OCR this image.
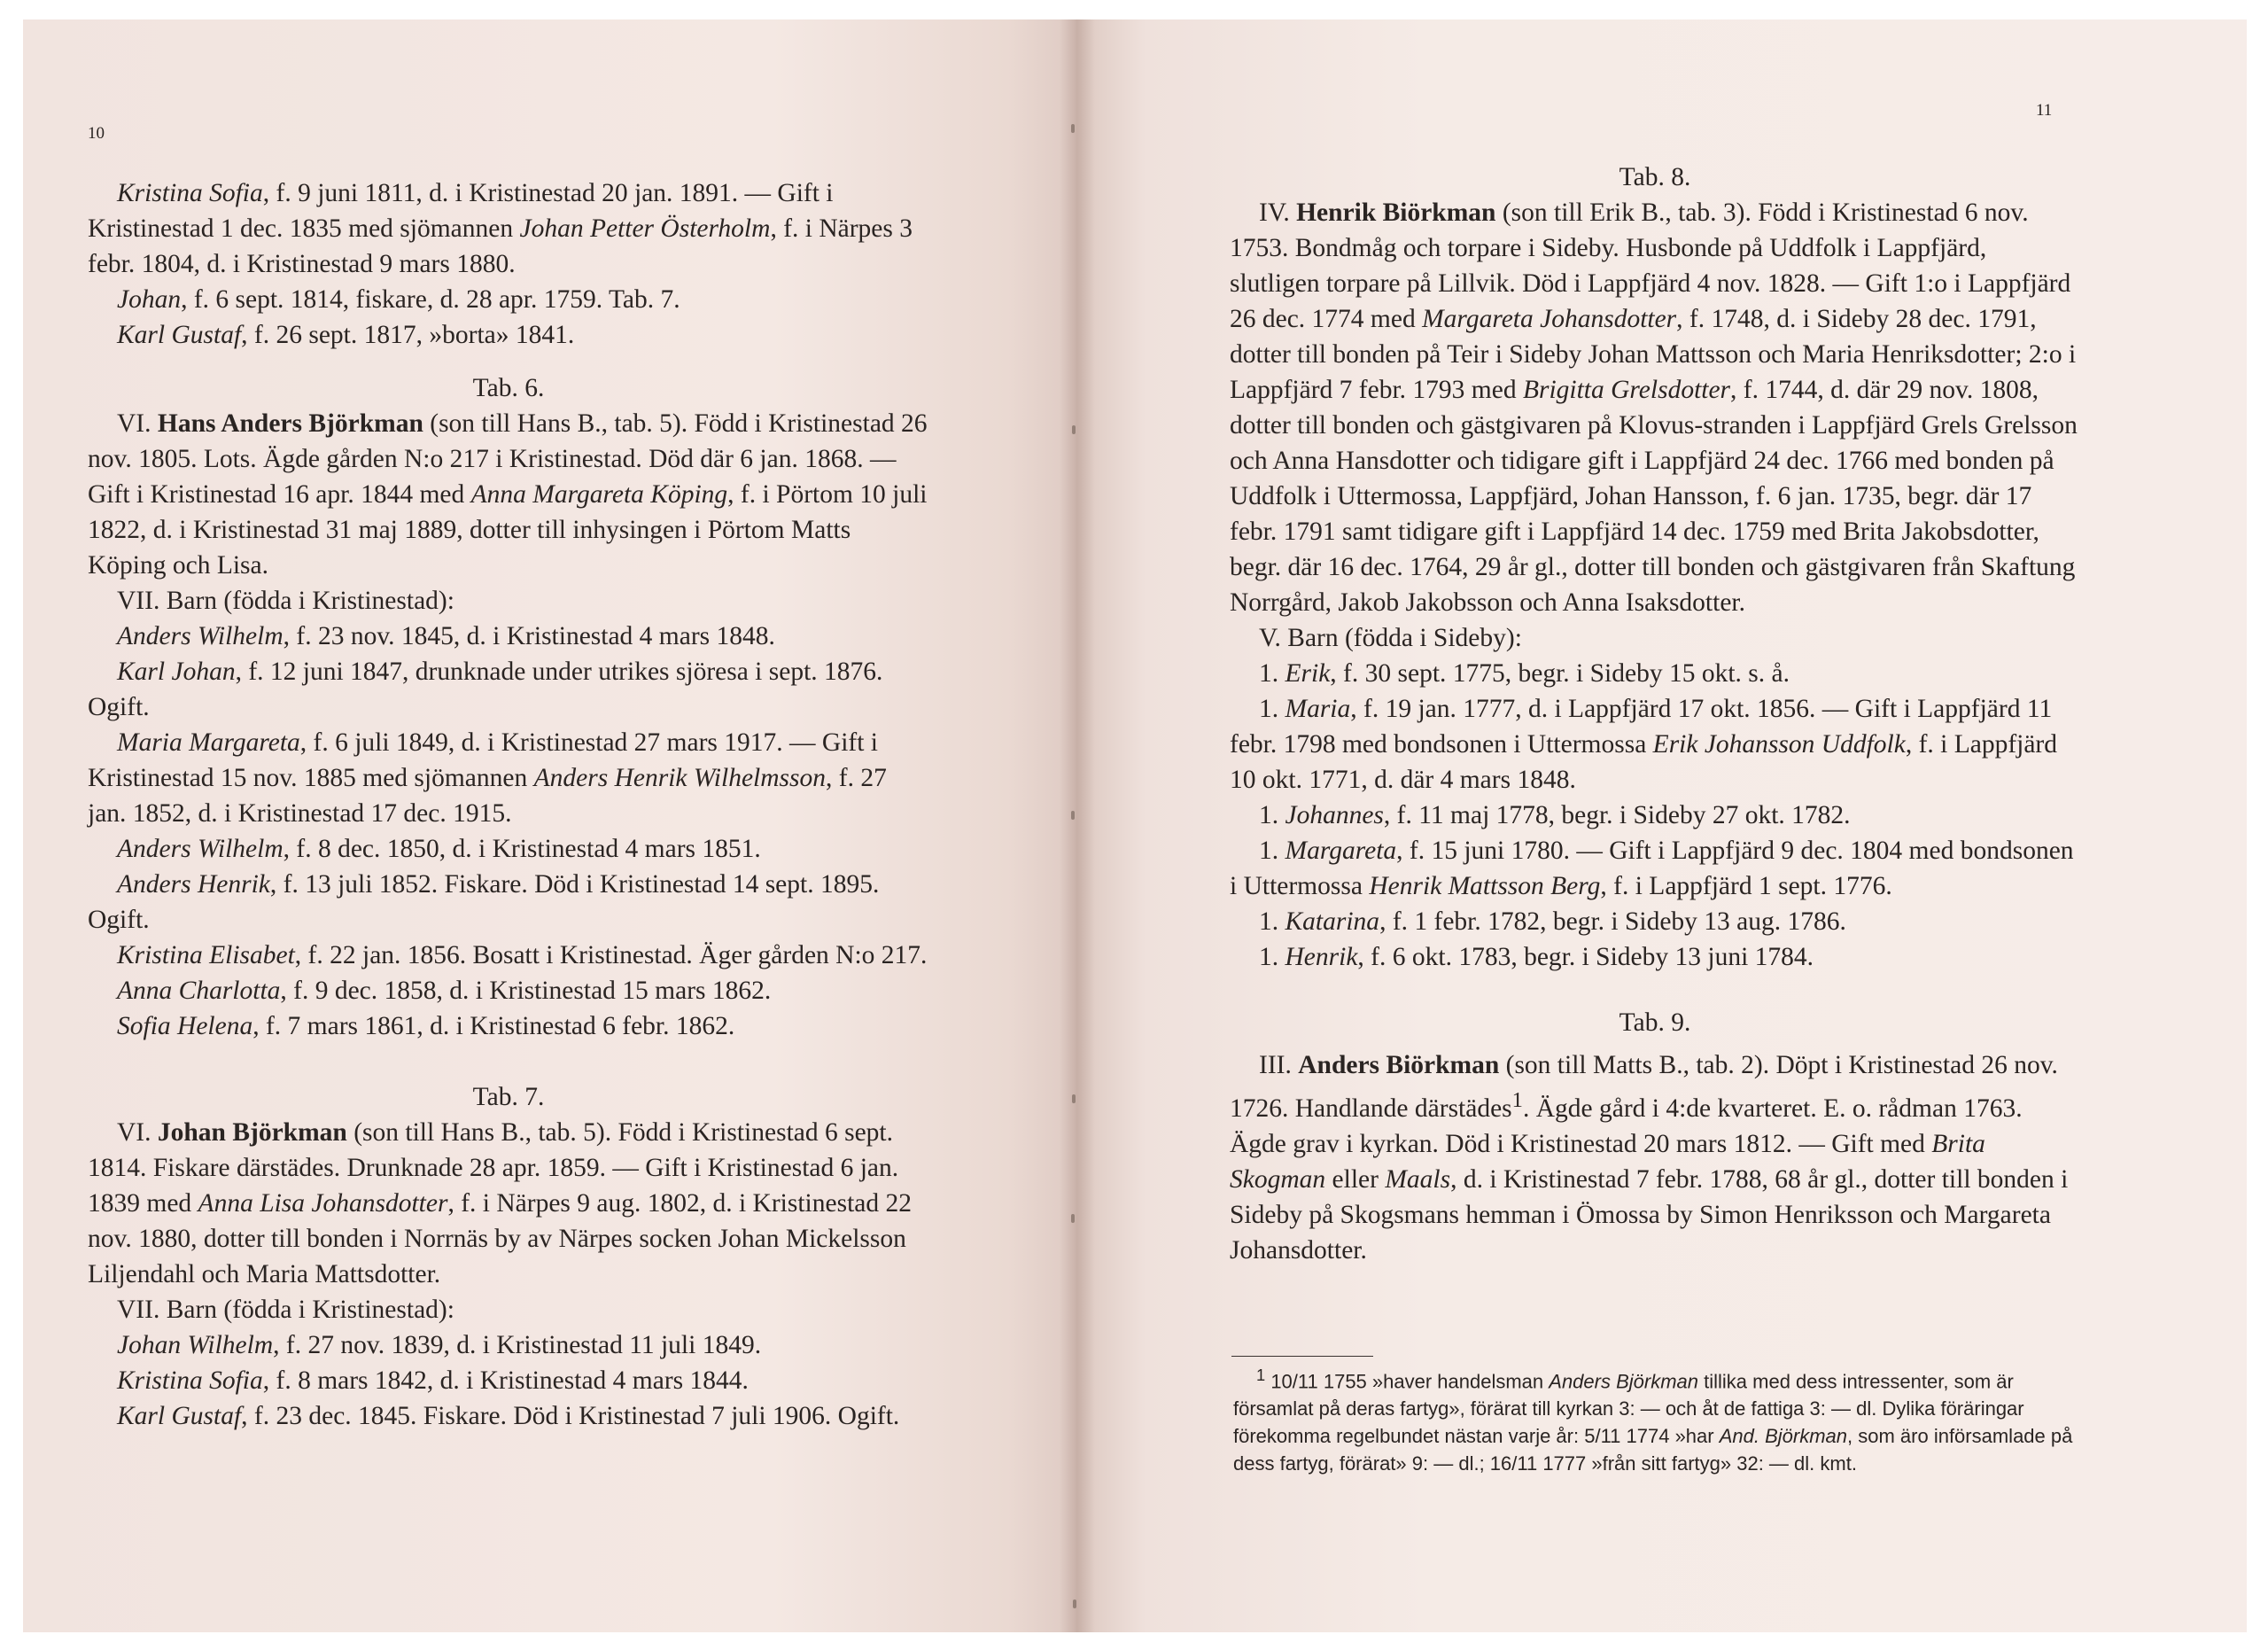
10

Kristina Sofia, f. 9 juni 1811, d. i Kristinestad 20 jan. 1891. — Gift i Kristinestad 1 dec. 1835 med sjömannen Johan Petter Österholm, f. i Närpes 3 febr. 1804, d. i Kristinestad 9 mars 1880.

Johan, f. 6 sept. 1814, fiskare, d. 28 apr. 1759. Tab. 7.

Karl Gustaf, f. 26 sept. 1817, »borta» 1841.

Tab. 6.

VI. Hans Anders Björkman (son till Hans B., tab. 5). Född i Kristinestad 26 nov. 1805. Lots. Ägde gården N:o 217 i Kristinestad. Död där 6 jan. 1868. — Gift i Kristinestad 16 apr. 1844 med Anna Margareta Köping, f. i Pörtom 10 juli 1822, d. i Kristinestad 31 maj 1889, dotter till inhysingen i Pörtom Matts Köping och Lisa.

VII. Barn (födda i Kristinestad):

Anders Wilhelm, f. 23 nov. 1845, d. i Kristinestad 4 mars 1848.

Karl Johan, f. 12 juni 1847, drunknade under utrikes sjöresa i sept. 1876. Ogift.

Maria Margareta, f. 6 juli 1849, d. i Kristinestad 27 mars 1917. — Gift i Kristinestad 15 nov. 1885 med sjömannen Anders Henrik Wilhelmsson, f. 27 jan. 1852, d. i Kristinestad 17 dec. 1915.

Anders Wilhelm, f. 8 dec. 1850, d. i Kristinestad 4 mars 1851.

Anders Henrik, f. 13 juli 1852. Fiskare. Död i Kristinestad 14 sept. 1895. Ogift.

Kristina Elisabet, f. 22 jan. 1856. Bosatt i Kristinestad. Äger gården N:o 217.

Anna Charlotta, f. 9 dec. 1858, d. i Kristinestad 15 mars 1862.

Sofia Helena, f. 7 mars 1861, d. i Kristinestad 6 febr. 1862.

Tab. 7.

VI. Johan Björkman (son till Hans B., tab. 5). Född i Kristinestad 6 sept. 1814. Fiskare därstädes. Drunknade 28 apr. 1859. — Gift i Kristinestad 6 jan. 1839 med Anna Lisa Johansdotter, f. i Närpes 9 aug. 1802, d. i Kristinestad 22 nov. 1880, dotter till bonden i Norrnäs by av Närpes socken Johan Mickelsson Liljendahl och Maria Mattsdotter.

VII. Barn (födda i Kristinestad):

Johan Wilhelm, f. 27 nov. 1839, d. i Kristinestad 11 juli 1849.

Kristina Sofia, f. 8 mars 1842, d. i Kristinestad 4 mars 1844.

Karl Gustaf, f. 23 dec. 1845. Fiskare. Död i Kristinestad 7 juli 1906. Ogift.

11

Tab. 8.

IV. Henrik Biörkman (son till Erik B., tab. 3). Född i Kristinestad 6 nov. 1753. Bondmåg och torpare i Sideby. Husbonde på Uddfolk i Lappfjärd, slutligen torpare på Lillvik. Död i Lappfjärd 4 nov. 1828. — Gift 1:o i Lappfjärd 26 dec. 1774 med Margareta Johansdotter, f. 1748, d. i Sideby 28 dec. 1791, dotter till bonden på Teir i Sideby Johan Mattsson och Maria Henriksdotter; 2:o i Lappfjärd 7 febr. 1793 med Brigitta Grelsdotter, f. 1744, d. där 29 nov. 1808, dotter till bonden och gästgivaren på Klovus-stranden i Lappfjärd Grels Grelsson och Anna Hansdotter och tidigare gift i Lappfjärd 24 dec. 1766 med bonden på Uddfolk i Uttermossa, Lappfjärd, Johan Hansson, f. 6 jan. 1735, begr. där 17 febr. 1791 samt tidigare gift i Lappfjärd 14 dec. 1759 med Brita Jakobsdotter, begr. där 16 dec. 1764, 29 år gl., dotter till bonden och gästgivaren från Skaftung Norrgård, Jakob Jakobsson och Anna Isaksdotter.

V. Barn (födda i Sideby):

1. Erik, f. 30 sept. 1775, begr. i Sideby 15 okt. s. å.

1. Maria, f. 19 jan. 1777, d. i Lappfjärd 17 okt. 1856. — Gift i Lappfjärd 11 febr. 1798 med bondsonen i Uttermossa Erik Johansson Uddfolk, f. i Lappfjärd 10 okt. 1771, d. där 4 mars 1848.

1. Johannes, f. 11 maj 1778, begr. i Sideby 27 okt. 1782.

1. Margareta, f. 15 juni 1780. — Gift i Lappfjärd 9 dec. 1804 med bondsonen i Uttermossa Henrik Mattsson Berg, f. i Lappfjärd 1 sept. 1776.

1. Katarina, f. 1 febr. 1782, begr. i Sideby 13 aug. 1786.

1. Henrik, f. 6 okt. 1783, begr. i Sideby 13 juni 1784.

Tab. 9.

III. Anders Biörkman (son till Matts B., tab. 2). Döpt i Kristinestad 26 nov. 1726. Handlande därstädes$^1$. Ägde gård i 4:de kvarteret. E. o. rådman 1763. Ägde grav i kyrkan. Död i Kristinestad 20 mars 1812. — Gift med Brita Skogman eller Maals, d. i Kristinestad 7 febr. 1788, 68 år gl., dotter till bonden i Sideby på Skogsmans hemman i Ömossa by Simon Henriksson och Margareta Johansdotter.

$^1$ 10/11 1755 »haver handelsman Anders Björkman tillika med dess intressenter, som är församlat på deras fartyg», förärat till kyrkan 3: — och åt de fattiga 3: — dl. Dylika föräringar förekomma regelbundet nästan varje år: 5/11 1774 »har And. Björkman, som äro införsamlade på dess fartyg, förärat» 9: — dl.; 16/11 1777 »från sitt fartyg» 32: — dl. kmt.
